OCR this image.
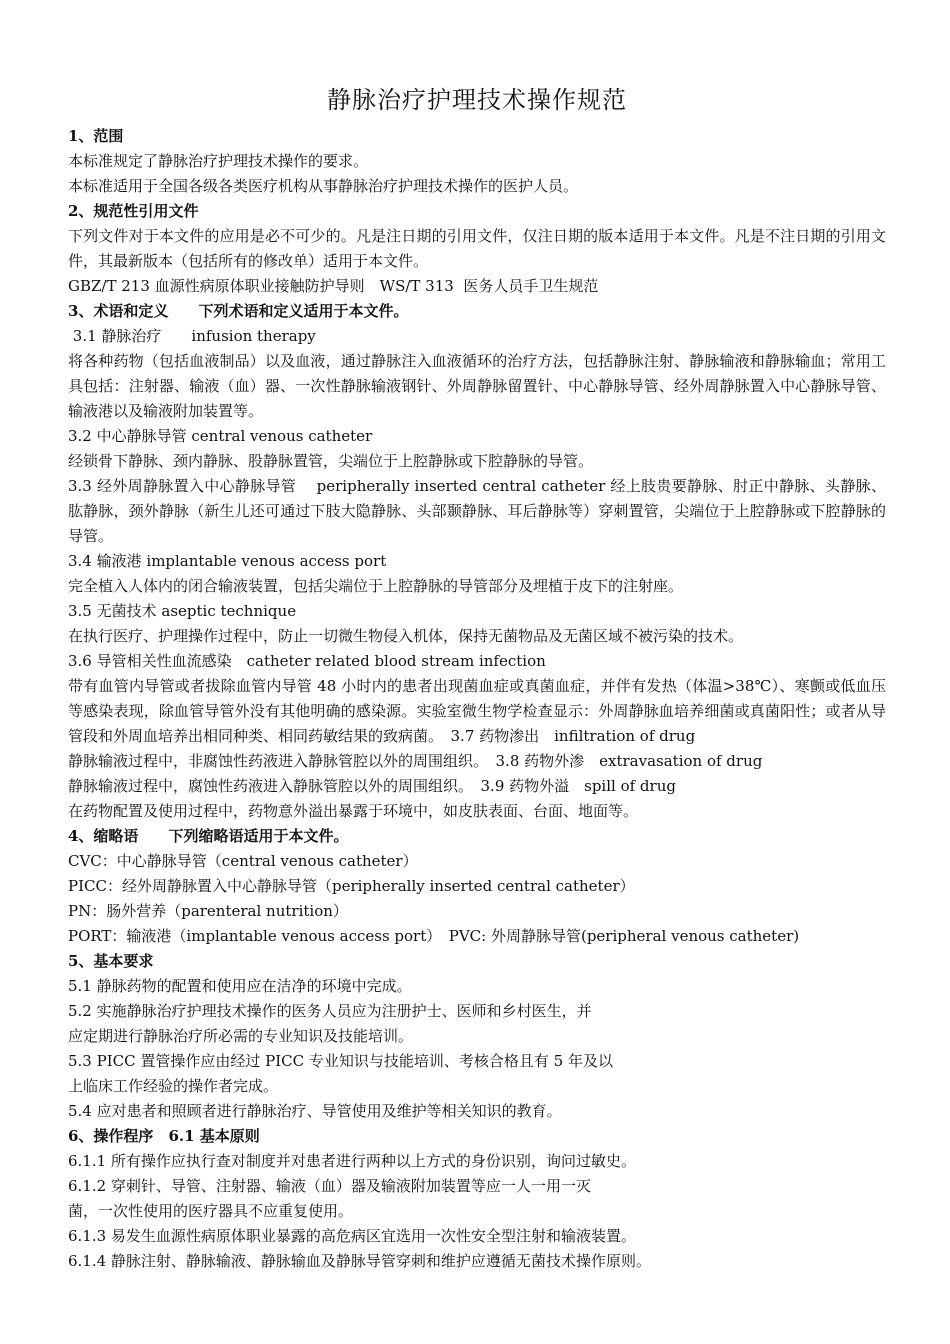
静脉治疗护理技术操作规范

1、范围

本标准规定了静脉治疗护理技术操作的要求。

本标准适用于全国各级各类医疗机构从事静脉治疗护理技术操作的医护人员。

2、规范性引用文件

下列文件对于本文件的应用是必不可少的。凡是注日期的引用文件，仅注日期的版本适用于本文件。凡是不注日期的引用文件，其最新版本（包括所有的修改单）适用于本文件。

GBZ/T 213 血源性病原体职业接触防护导则　WS/T 313  医务人员手卫生规范

3、术语和定义　　下列术语和定义适用于本文件。

3.1 静脉治疗　　infusion therapy

将各种药物（包括血液制品）以及血液，通过静脉注入血液循环的治疗方法，包括静脉注射、静脉输液和静脉输血；常用工具包括：注射器、输液（血）器、一次性静脉输液钢针、外周静脉留置针、中心静脉导管、经外周静脉置入中心静脉导管、输液港以及输液附加装置等。

3.2 中心静脉导管 central venous catheter

经锁骨下静脉、颈内静脉、股静脉置管，尖端位于上腔静脉或下腔静脉的导管。

3.3 经外周静脉置入中心静脉导管　 peripherally inserted central catheter 经上肢贵要静脉、肘正中静脉、头静脉、肱静脉，颈外静脉（新生儿还可通过下肢大隐静脉、头部颞静脉、耳后静脉等）穿刺置管，尖端位于上腔静脉或下腔静脉的导管。

3.4 输液港 implantable venous access port

完全植入人体内的闭合输液装置，包括尖端位于上腔静脉的导管部分及埋植于皮下的注射座。

3.5 无菌技术 aseptic technique

在执行医疗、护理操作过程中，防止一切微生物侵入机体，保持无菌物品及无菌区域不被污染的技术。

3.6 导管相关性血流感染　catheter related blood stream infection

带有血管内导管或者拔除血管内导管 48 小时内的患者出现菌血症或真菌血症，并伴有发热（体温>38℃）、寒颤或低血压等感染表现，除血管导管外没有其他明确的感染源。实验室微生物学检查显示：外周静脉血培养细菌或真菌阳性；或者从导管段和外周血培养出相同种类、相同药敏结果的致病菌。　3.7 药物渗出　infiltration of drug

静脉输液过程中，非腐蚀性药液进入静脉管腔以外的周围组织。　3.8 药物外渗　extravasation of drug

静脉输液过程中，腐蚀性药液进入静脉管腔以外的周围组织。　3.9 药物外溢　spill of drug

在药物配置及使用过程中，药物意外溢出暴露于环境中，如皮肤表面、台面、地面等。

4、缩略语　　下列缩略语适用于本文件。

CVC：中心静脉导管（central venous catheter）

PICC：经外周静脉置入中心静脉导管（peripherally inserted central catheter）

PN：肠外营养（parenteral nutrition）

PORT：输液港（implantable venous access port）　PVC: 外周静脉导管(peripheral venous catheter)

5、基本要求

5.1 静脉药物的配置和使用应在洁净的环境中完成。

5.2 实施静脉治疗护理技术操作的医务人员应为注册护士、医师和乡村医生，并

应定期进行静脉治疗所必需的专业知识及技能培训。

5.3 PICC 置管操作应由经过 PICC 专业知识与技能培训、考核合格且有 5 年及以

上临床工作经验的操作者完成。

5.4 应对患者和照顾者进行静脉治疗、导管使用及维护等相关知识的教育。

6、操作程序　6.1 基本原则

6.1.1 所有操作应执行查对制度并对患者进行两种以上方式的身份识别，询问过敏史。

6.1.2 穿刺针、导管、注射器、输液（血）器及输液附加装置等应一人一用一灭

菌，一次性使用的医疗器具不应重复使用。

6.1.3 易发生血源性病原体职业暴露的高危病区宜选用一次性安全型注射和输液装置。

6.1.4 静脉注射、静脉输液、静脉输血及静脉导管穿刺和维护应遵循无菌技术操作原则。
